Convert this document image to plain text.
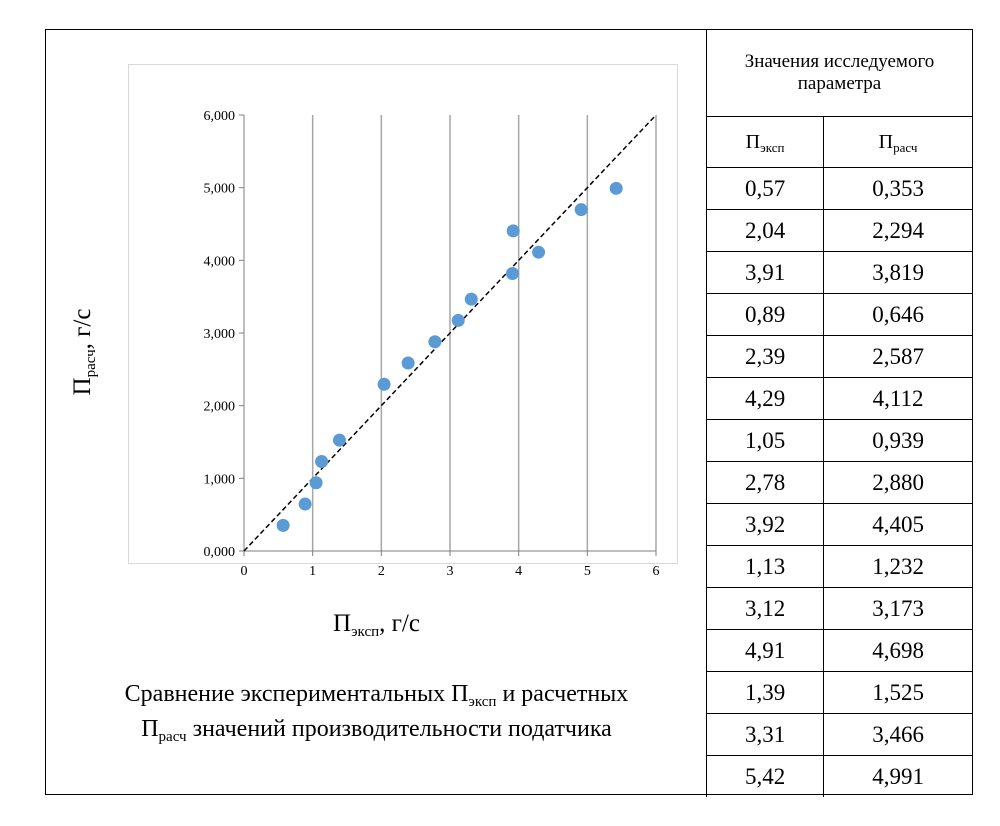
0,000
1,000
2,000
3,000
4,000
5,000
6,000
0	1	2	3	4	5	6
$П_{расч}$, г/с
$П_{эксп}$, г/с
Сравнение экспериментальных $П_{эксп}$ и расчетных
$П_{расч}$ значений производительности податчика
Значения исследуемого параметра	
$П_{эксп}$	$П_{расч}$
0,57	0,353
2,04	2,294
3,91	3,819
0,89	0,646
2,39	2,587
4,29	4,112
1,05	0,939
2,78	2,880
3,92	4,405
1,13	1,232
3,12	3,173
4,91	4,698
1,39	1,525
3,31	3,466
5,42	4,991
